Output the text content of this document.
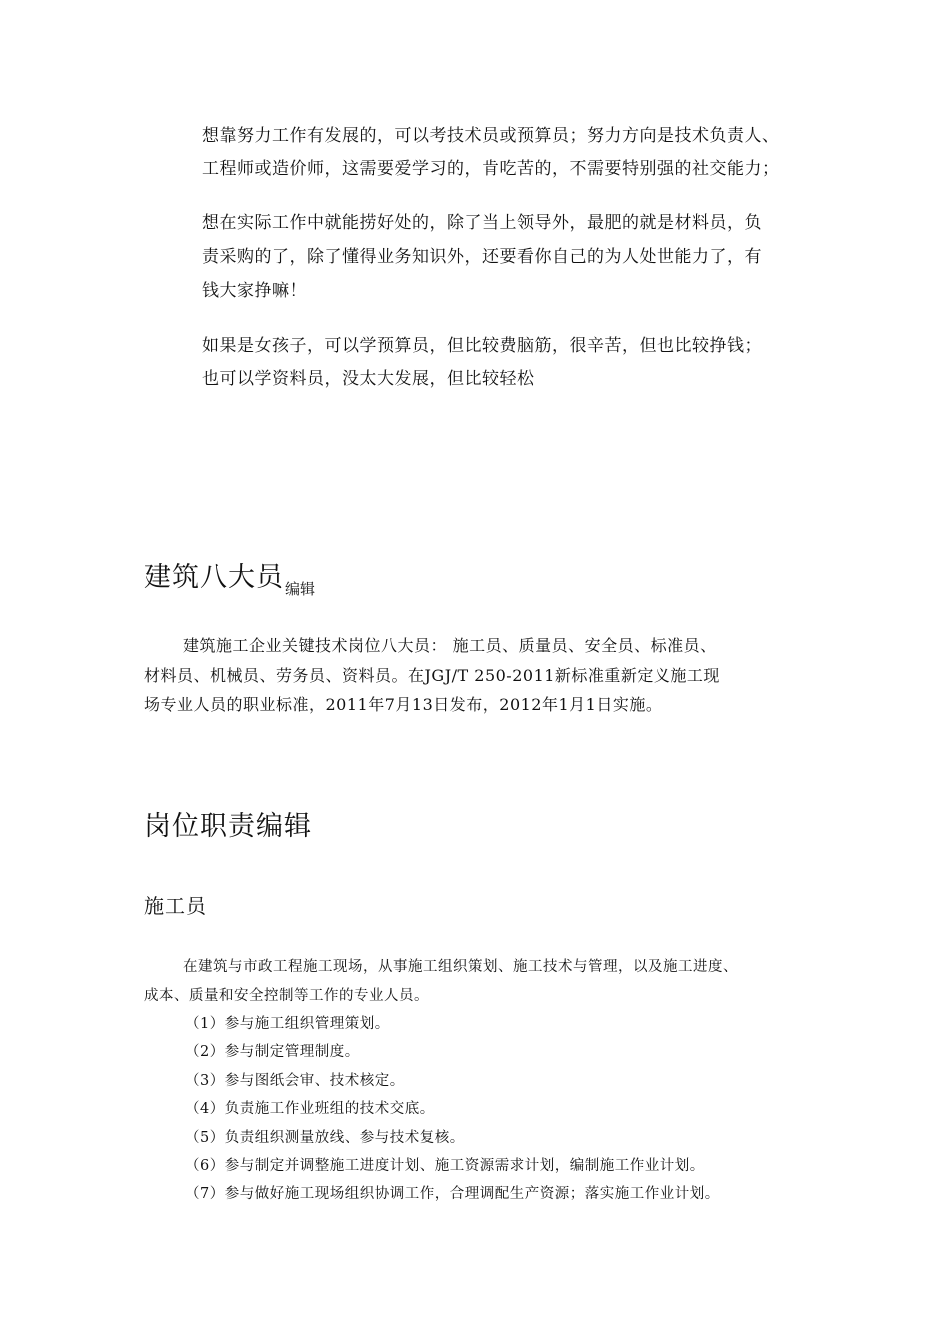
想靠努力工作有发展的，可以考技术员或预算员；努力方向是技术负责人、
工程师或造价师，这需要爱学习的，肯吃苦的，不需要特别强的社交能力；
想在实际工作中就能捞好处的，除了当上领导外，最肥的就是材料员，负
责采购的了，除了懂得业务知识外，还要看你自己的为人处世能力了，有
钱大家挣嘛！
如果是女孩子，可以学预算员，但比较费脑筋，很辛苦，但也比较挣钱；
也可以学资料员，没太大发展，但比较轻松
建筑八大员$_{编辑}$
建筑施工企业关键技术岗位八大员： 施工员、质量员、安全员、标准员、
材料员、机械员、劳务员、资料员。在JGJ/T 250-2011新标准重新定义施工现
场专业人员的职业标准，2011年7月13日发布，2012年1月1日实施。
岗位职责编辑
施工员
在建筑与市政工程施工现场，从事施工组织策划、施工技术与管理，以及施工进度、
成本、质量和安全控制等工作的专业人员。
（1）参与施工组织管理策划。
（2）参与制定管理制度。
（3）参与图纸会审、技术核定。
（4）负责施工作业班组的技术交底。
（5）负责组织测量放线、参与技术复核。
（6）参与制定并调整施工进度计划、施工资源需求计划，编制施工作业计划。
（7）参与做好施工现场组织协调工作，合理调配生产资源；落实施工作业计划。
